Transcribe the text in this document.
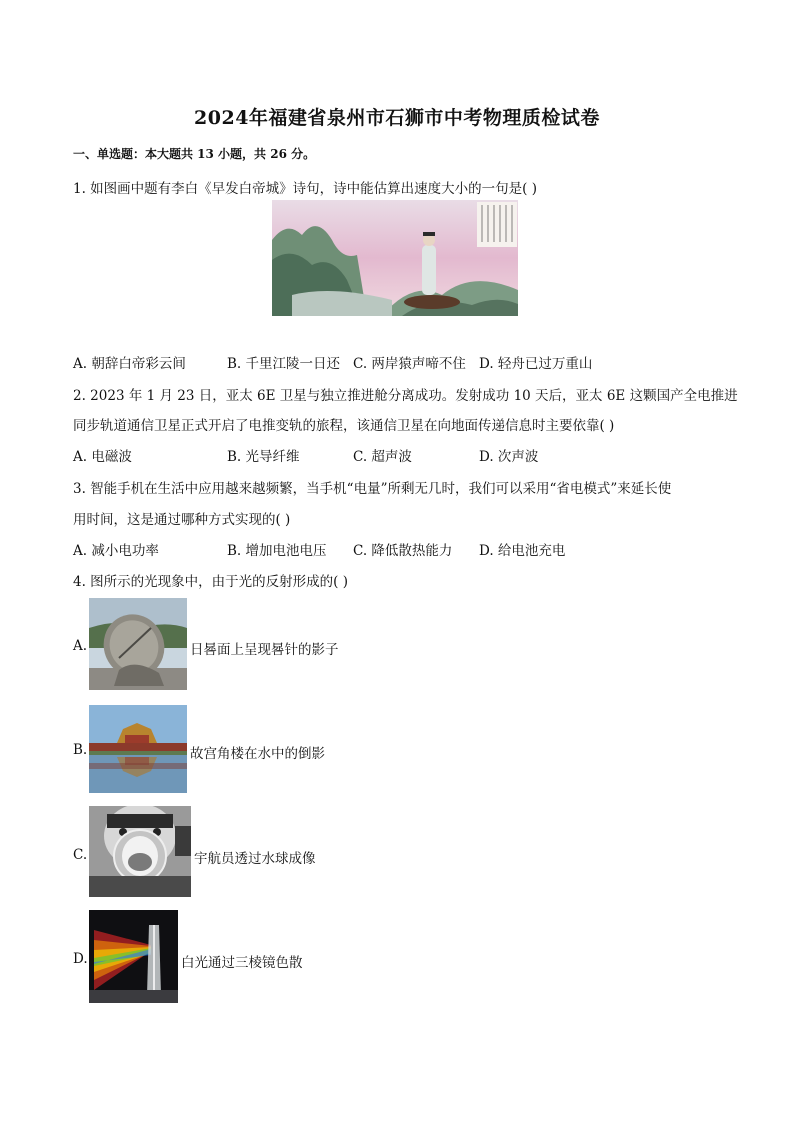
2024年福建省泉州市石狮市中考物理质检试卷
一、单选题：本大题共 13 小题，共 26 分。
1. 如图画中题有李白《早发白帝城》诗句，诗中能估算出速度大小的一句是( )
A. 朝辞白帝彩云间	B. 千里江陵一日还 C. 两岸猿声啼不住 D. 轻舟已过万重山
2. 2023 年 1 月 23 日，亚太 6E 卫星与独立推进舱分离成功。发射成功 10 天后，亚太 6E 这颗国产全电推进
同步轨道通信卫星正式开启了电推变轨的旅程，该通信卫星在向地面传递信息时主要依靠( )
A. 电磁波	B. 光导纤维	C. 超声波	D. 次声波
3. 智能手机在生活中应用越来越频繁，当手机“电量”所剩无几时，我们可以采用“省电模式”来延长使
用时间，这是通过哪种方式实现的( )
A. 减小电功率	B. 增加电池电压 C. 降低散热能力 D. 给电池充电
4. 图所示的光现象中，由于光的反射形成的( )
A.	日晷面上呈现晷针的影子
B.	故宫角楼在水中的倒影
C.	宇航员透过水球成像
D.	白光通过三棱镜色散
